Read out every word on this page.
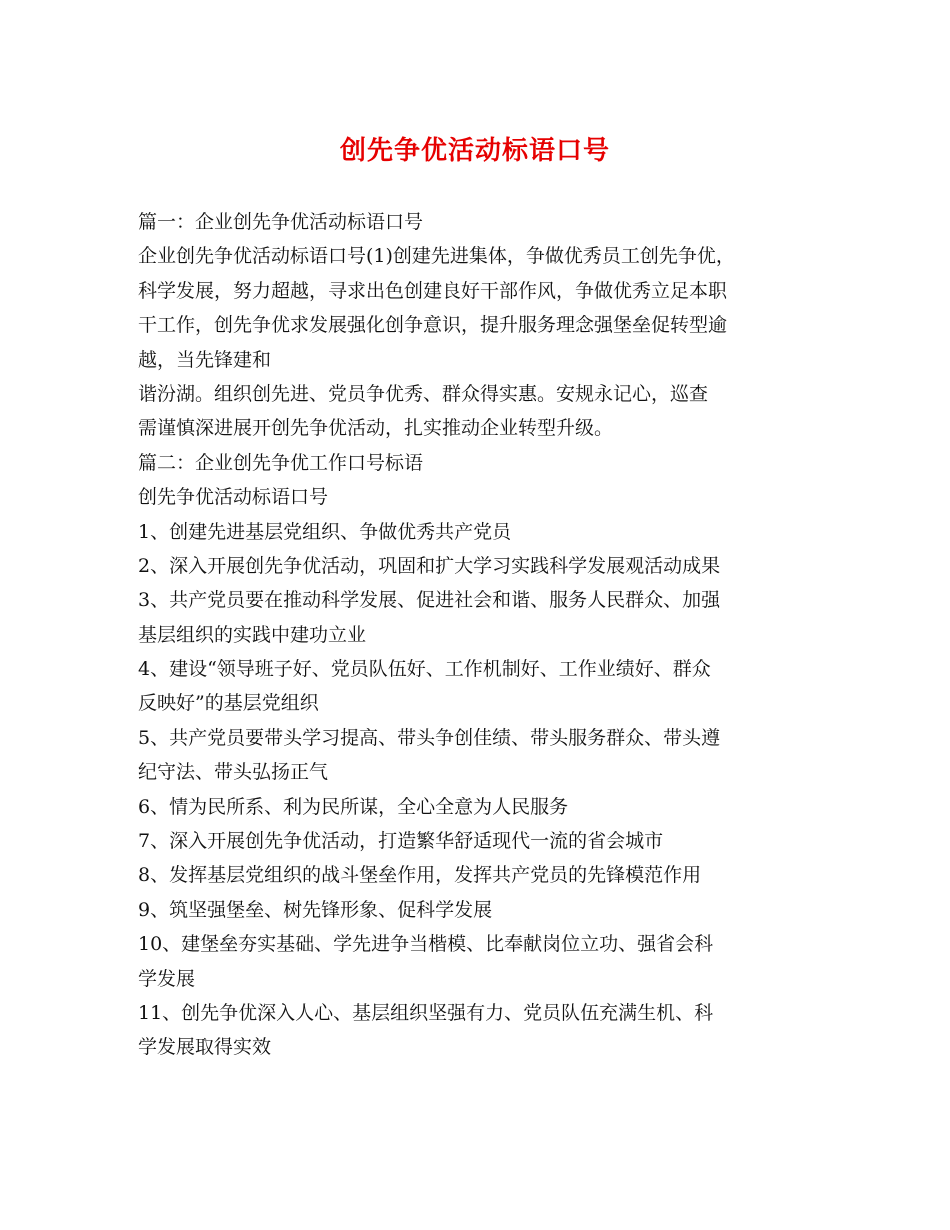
创先争优活动标语口号
篇一：企业创先争优活动标语口号
企业创先争优活动标语口号(1)创建先进集体，争做优秀员工创先争优，
科学发展，努力超越，寻求出色创建良好干部作风，争做优秀立足本职
干工作，创先争优求发展强化创争意识，提升服务理念强堡垒促转型逾
越，当先锋建和
谐汾湖。组织创先进、党员争优秀、群众得实惠。安规永记心，巡查
需谨慎深进展开创先争优活动，扎实推动企业转型升级。
篇二：企业创先争优工作口号标语
创先争优活动标语口号
1、创建先进基层党组织、争做优秀共产党员
2、深入开展创先争优活动，巩固和扩大学习实践科学发展观活动成果
3、共产党员要在推动科学发展、促进社会和谐、服务人民群众、加强
基层组织的实践中建功立业
4、建设“领导班子好、党员队伍好、工作机制好、工作业绩好、群众
反映好”的基层党组织
5、共产党员要带头学习提高、带头争创佳绩、带头服务群众、带头遵
纪守法、带头弘扬正气
6、情为民所系、利为民所谋，全心全意为人民服务
7、深入开展创先争优活动，打造繁华舒适现代一流的省会城市
8、发挥基层党组织的战斗堡垒作用，发挥共产党员的先锋模范作用
9、筑坚强堡垒、树先锋形象、促科学发展
10、建堡垒夯实基础、学先进争当楷模、比奉献岗位立功、强省会科
学发展
11、创先争优深入人心、基层组织坚强有力、党员队伍充满生机、科
学发展取得实效
